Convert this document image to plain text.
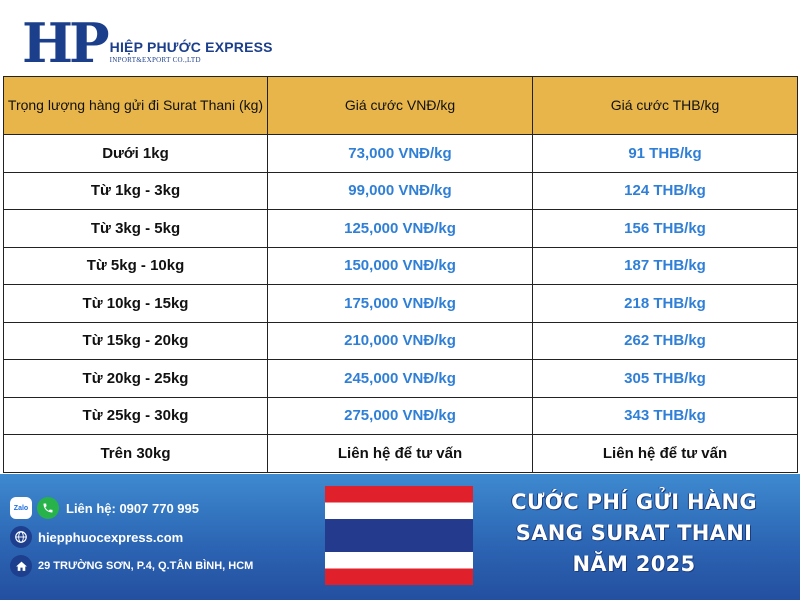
HP HIỆP PHƯỚC EXPRESS
INPORT&EXPORT CO.,LTD
Trọng lượng hàng gửi đi Surat Thani (kg)	Giá cước VNĐ/kg	Giá cước THB/kg
Dưới 1kg	73,000 VNĐ/kg	91 THB/kg
Từ 1kg - 3kg	99,000 VNĐ/kg	124 THB/kg
Từ 3kg - 5kg	125,000 VNĐ/kg	156 THB/kg
Từ 5kg - 10kg	150,000 VNĐ/kg	187 THB/kg
Từ 10kg - 15kg	175,000 VNĐ/kg	218 THB/kg
Từ 15kg - 20kg	210,000 VNĐ/kg	262 THB/kg
Từ 20kg - 25kg	245,000 VNĐ/kg	305 THB/kg
Từ 25kg - 30kg	275,000 VNĐ/kg	343 THB/kg
Trên 30kg	Liên hệ để tư vấn	Liên hệ để tư vấn
Zalo	Liên hệ: 0907 770 995
hiepphuocexpress.com
29 TRƯỜNG SƠN, P.4, Q.TÂN BÌNH, HCM
CƯỚC PHÍ GỬI HÀNG
SANG SURAT THANI
NĂM 2025
